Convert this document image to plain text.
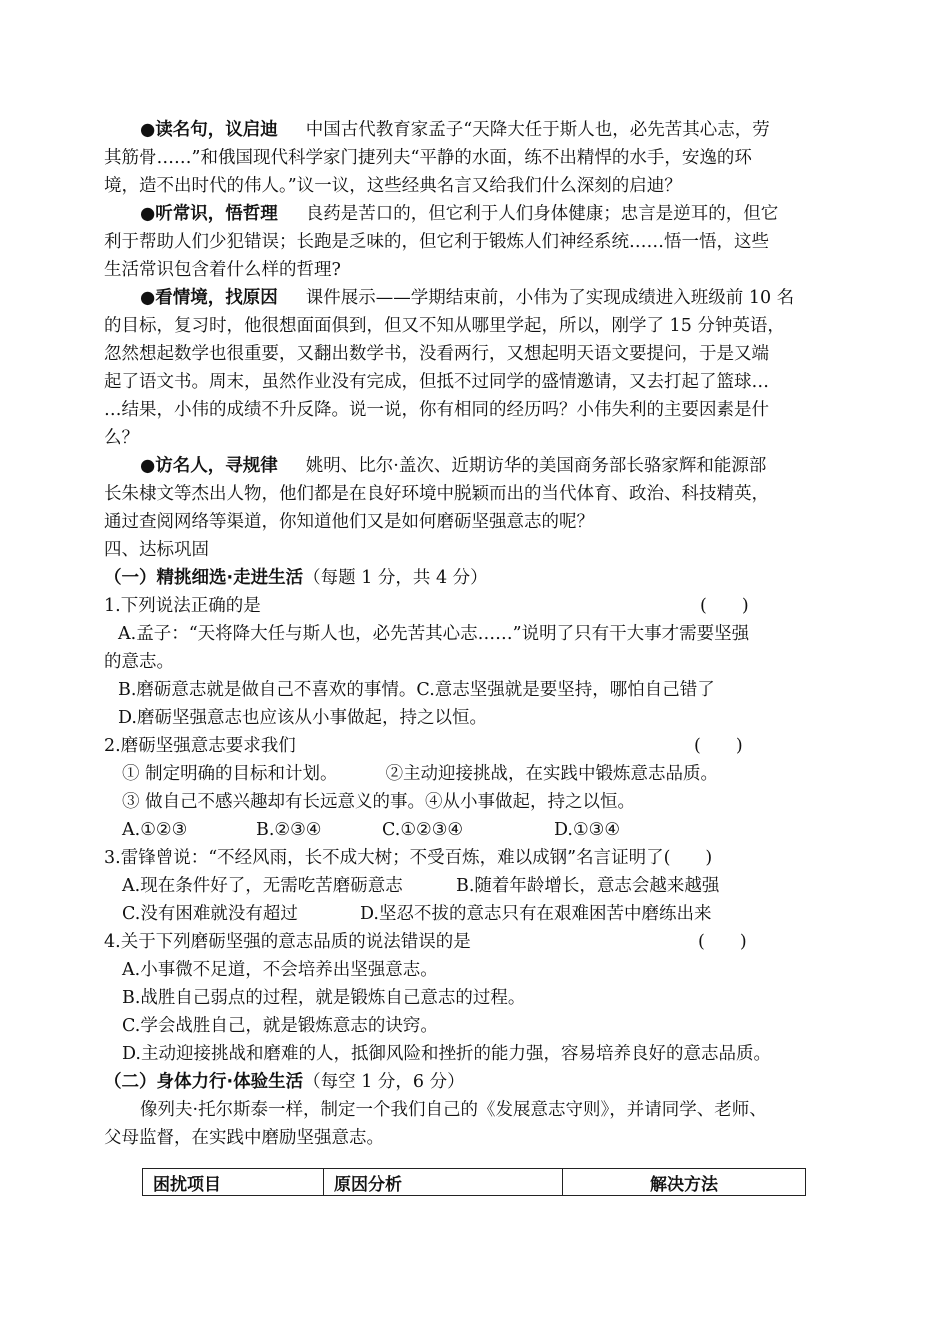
●读名句，议启迪 中国古代教育家孟子“天降大任于斯人也，必先苦其心志，劳
其筋骨……”和俄国现代科学家门捷列夫“平静的水面，练不出精悍的水手，安逸的环
境，造不出时代的伟人。”议一议，这些经典名言又给我们什么深刻的启迪？
●听常识，悟哲理 良药是苦口的，但它利于人们身体健康；忠言是逆耳的，但它
利于帮助人们少犯错误；长跑是乏味的，但它利于锻炼人们神经系统……悟一悟，这些
生活常识包含着什么样的哲理?
●看情境，找原因 课件展示——学期结束前，小伟为了实现成绩进入班级前 10 名
的目标，复习时，他很想面面俱到，但又不知从哪里学起，所以，刚学了 15 分钟英语，
忽然想起数学也很重要，又翻出数学书，没看两行，又想起明天语文要提问，于是又端
起了语文书。周末，虽然作业没有完成，但抵不过同学的盛情邀请，又去打起了篮球…
…结果，小伟的成绩不升反降。说一说，你有相同的经历吗？小伟失利的主要因素是什
么？
●访名人，寻规律 姚明、比尔·盖次、近期访华的美国商务部长骆家辉和能源部
长朱棣文等杰出人物，他们都是在良好环境中脱颖而出的当代体育、政治、科技精英，
通过查阅网络等渠道，你知道他们又是如何磨砺坚强意志的呢？
四、达标巩固
（一）精挑细选·走进生活（每题 1 分，共 4 分）
1.下列说法正确的是	(　　)
A.孟子：“天将降大任与斯人也，必先苦其心志……”说明了只有干大事才需要坚强
的意志。
B.磨砺意志就是做自己不喜欢的事情。C.意志坚强就是要坚持，哪怕自己错了
D.磨砺坚强意志也应该从小事做起，持之以恒。
2.磨砺坚强意志要求我们	(　　)
① 制定明确的目标和计划。	②主动迎接挑战，在实践中锻炼意志品质。
③ 做自己不感兴趣却有长远意义的事。④从小事做起，持之以恒。
A.①②③	B.②③④	C.①②③④	D.①③④
3.雷锋曾说：“不经风雨，长不成大树；不受百炼，难以成钢”名言证明了(　　)
A.现在条件好了，无需吃苦磨砺意志	B.随着年龄增长，意志会越来越强
C.没有困难就没有超过	D.坚忍不拔的意志只有在艰难困苦中磨练出来
4.关于下列磨砺坚强的意志品质的说法错误的是	(　　)
A.小事微不足道，不会培养出坚强意志。
B.战胜自己弱点的过程，就是锻炼自己意志的过程。
C.学会战胜自己，就是锻炼意志的诀窍。
D.主动迎接挑战和磨难的人，抵御风险和挫折的能力强，容易培养良好的意志品质。
（二）身体力行·体验生活（每空 1 分，6 分）
像列夫·托尔斯泰一样，制定一个我们自己的《发展意志守则》，并请同学、老师、
父母监督，在实践中磨励坚强意志。
困扰项目	原因分析	解决方法
